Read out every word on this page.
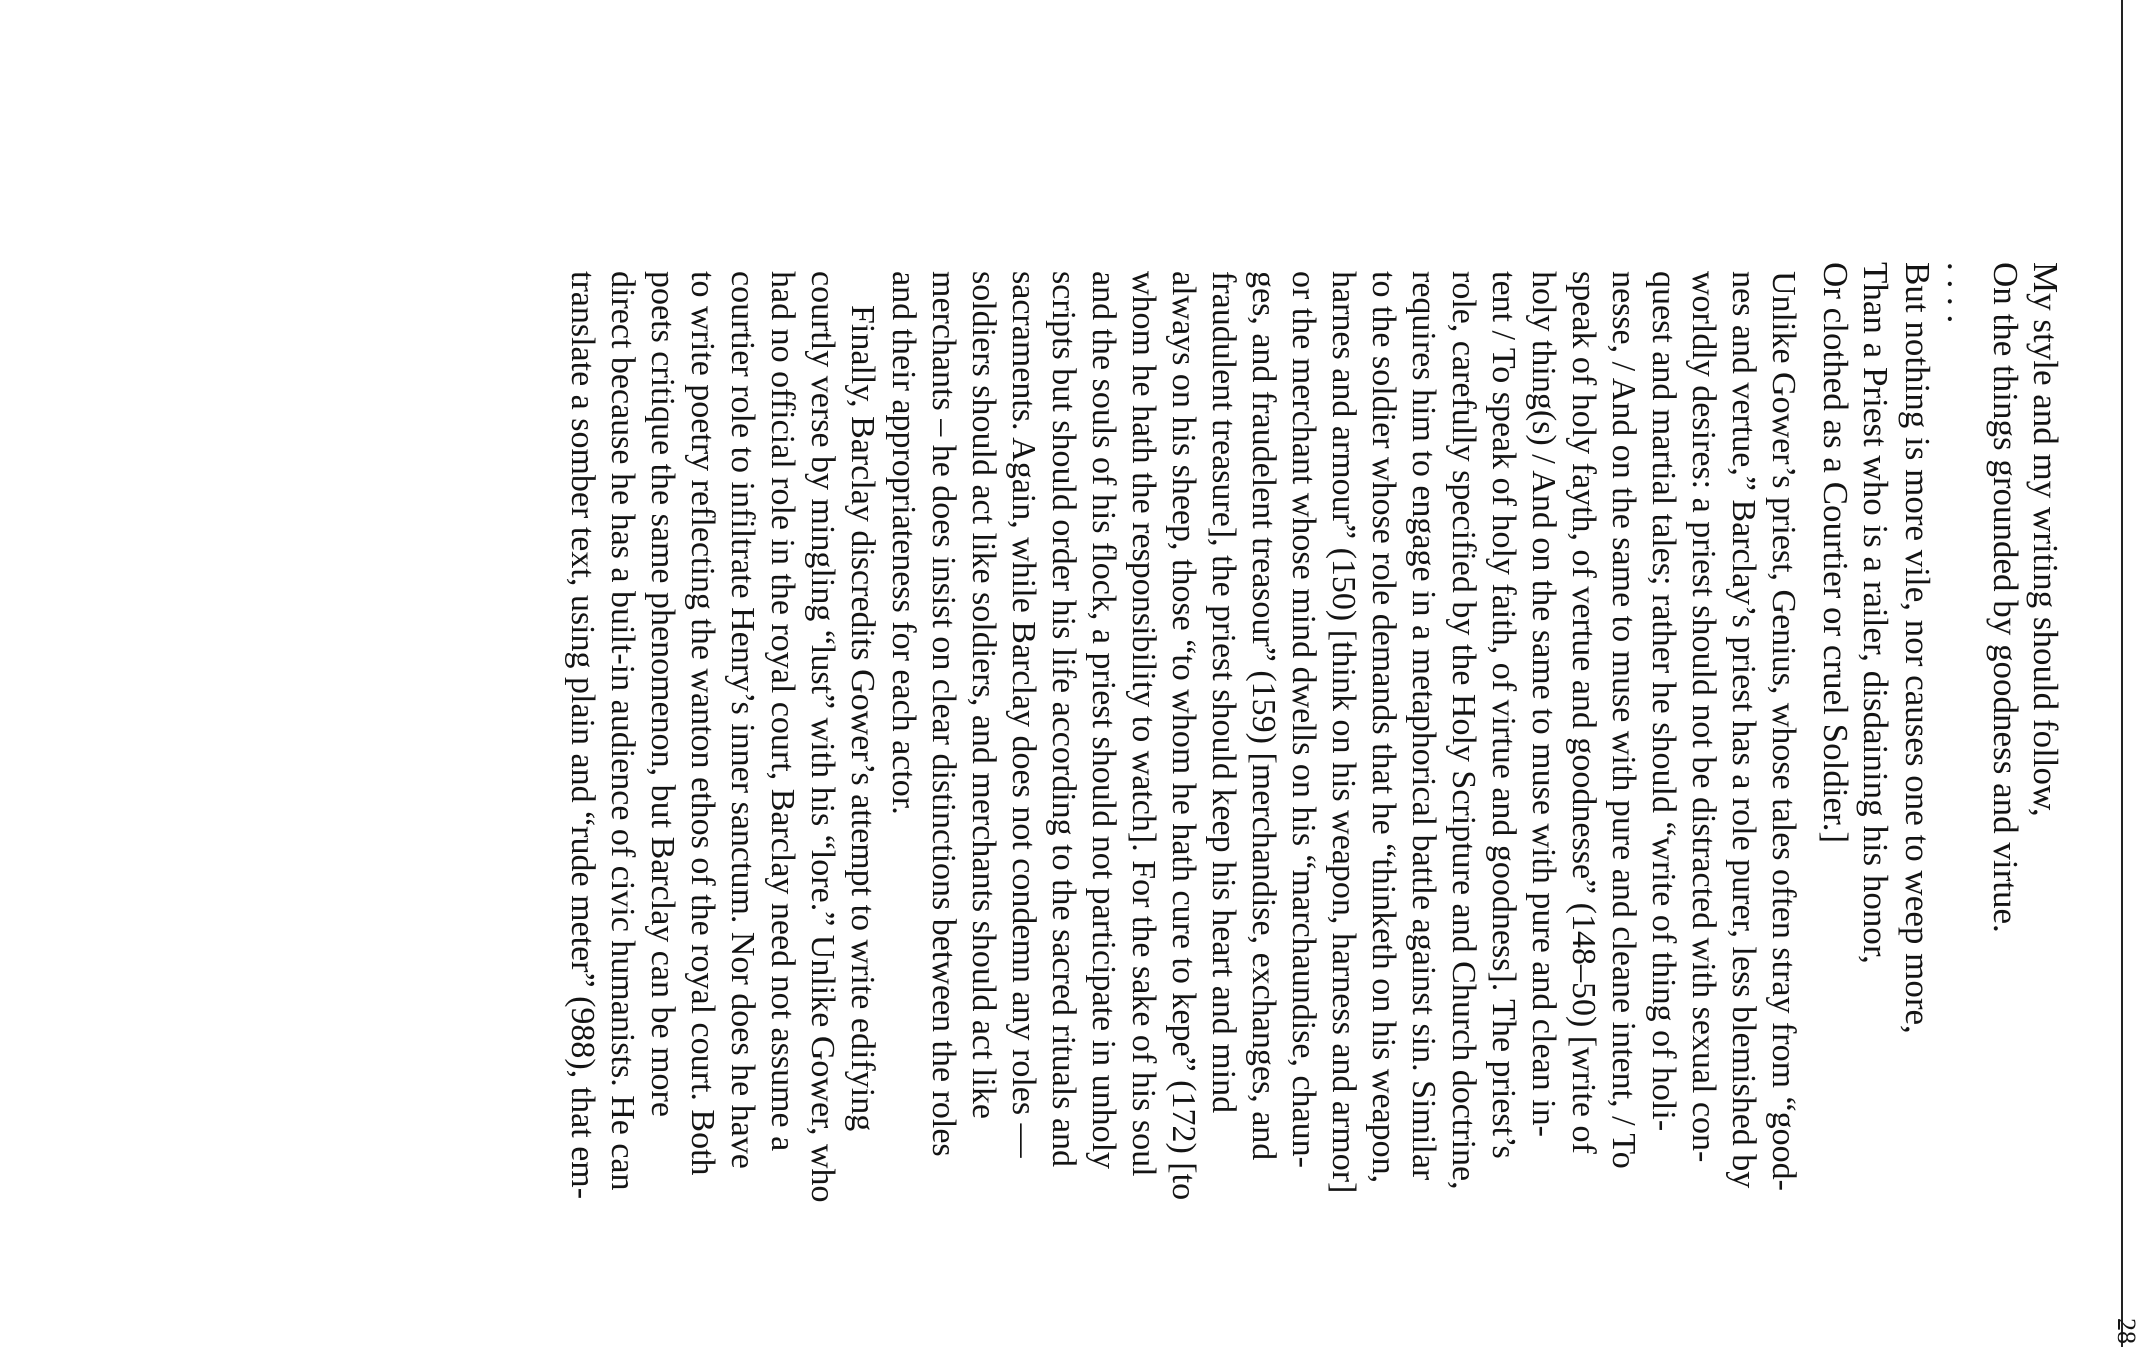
28
My style and my writing should follow,
On the things grounded by goodness and virtue.
. . . .
But nothing is more vile, nor causes one to weep more,
Than a Priest who is a railer, disdaining his honor,
Or clothed as a Courtier or cruel Soldier.]
Unlike Gower’s priest, Genius, whose tales often stray from “good-
nes and vertue,” Barclay’s priest has a role purer, less blemished by
worldly desires: a priest should not be distracted with sexual con-
quest and martial tales; rather he should “write of thing of holi-
nesse, / And on the same to muse with pure and cleane intent, / To
speak of holy fayth, of vertue and goodnesse” (148–50) [write of
holy thing(s) / And on the same to muse with pure and clean in-
tent / To speak of holy faith, of virtue and goodness]. The priest’s
role, carefully specified by the Holy Scripture and Church doctrine,
requires him to engage in a metaphorical battle against sin. Similar
to the soldier whose role demands that he “thinketh on his weapon,
harnes and armour” (150) [think on his weapon, harness and armor]
or the merchant whose mind dwells on his “marchaundise, chaun-
ges, and fraudelent treasour” (159) [merchandise, exchanges, and
fraudulent treasure], the priest should keep his heart and mind
always on his sheep, those “to whom he hath cure to kepe” (172) [to
whom he hath the responsibility to watch]. For the sake of his soul
and the souls of his flock, a priest should not participate in unholy
scripts but should order his life according to the sacred rituals and
sacraments. Again, while Barclay does not condemn any roles —
soldiers should act like soldiers, and merchants should act like
merchants – he does insist on clear distinctions between the roles
and their appropriateness for each actor.
Finally, Barclay discredits Gower’s attempt to write edifying
courtly verse by mingling “lust” with his “lore.” Unlike Gower, who
had no official role in the royal court, Barclay need not assume a
courtier role to infiltrate Henry’s inner sanctum. Nor does he have
to write poetry reflecting the wanton ethos of the royal court. Both
poets critique the same phenomenon, but Barclay can be more
direct because he has a built-in audience of civic humanists. He can
translate a somber text, using plain and “rude meter” (988), that em-
